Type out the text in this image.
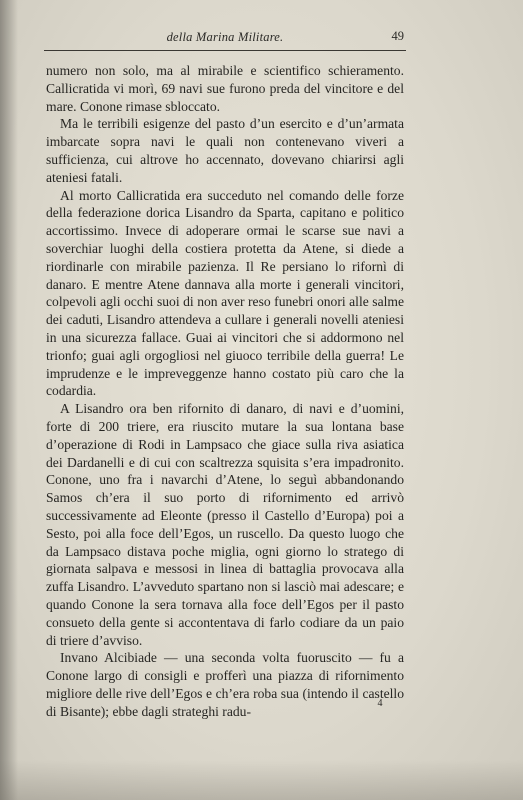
della Marina Militare.	49

numero non solo, ma al mirabile e scientifico schieramento. Callicratida vi morì, 69 navi sue furono preda del vincitore e del mare. Conone rimase sbloccato.

Ma le terribili esigenze del pasto d’un esercito e d’un’armata imbarcate sopra navi le quali non contenevano viveri a sufficienza, cui altrove ho accennato, dovevano chiarirsi agli ateniesi fatali.

Al morto Callicratida era succeduto nel comando delle forze della federazione dorica Lisandro da Sparta, capitano e politico accortissimo. Invece di adoperare ormai le scarse sue navi a soverchiar luoghi della costiera protetta da Atene, si diede a riordinarle con mirabile pazienza. Il Re persiano lo rifornì di danaro. E mentre Atene dannava alla morte i generali vincitori, colpevoli agli occhi suoi di non aver reso funebri onori alle salme dei caduti, Lisandro attendeva a cullare i generali novelli ateniesi in una sicurezza fallace. Guai ai vincitori che si addormono nel trionfo; guai agli orgogliosi nel giuoco terribile della guerra! Le imprudenze e le impreveggenze hanno costato più caro che la codardia.

A Lisandro ora ben rifornito di danaro, di navi e d’uomini, forte di 200 triere, era riuscito mutare la sua lontana base d’operazione di Rodi in Lampsaco che giace sulla riva asiatica dei Dardanelli e di cui con scaltrezza squisita s’era impadronito. Conone, uno fra i navarchi d’Atene, lo seguì abbandonando Samos ch’era il suo porto di rifornimento ed arrivò successivamente ad Eleonte (presso il Castello d’Europa) poi a Sesto, poi alla foce dell’Egos, un ruscello. Da questo luogo che da Lampsaco distava poche miglia, ogni giorno lo stratego di giornata salpava e messosi in linea di battaglia provocava alla zuffa Lisandro. L’avveduto spartano non si lasciò mai adescare; e quando Conone la sera tornava alla foce dell’Egos per il pasto consueto della gente si accontentava di farlo codiare da un paio di triere d’avviso.

Invano Alcibiade — una seconda volta fuoruscito — fu a Conone largo di consigli e profferì una piazza di rifornimento migliore delle rive dell’Egos e ch’era roba sua (intendo il castello di Bisante); ebbe dagli strateghi radu-

4
